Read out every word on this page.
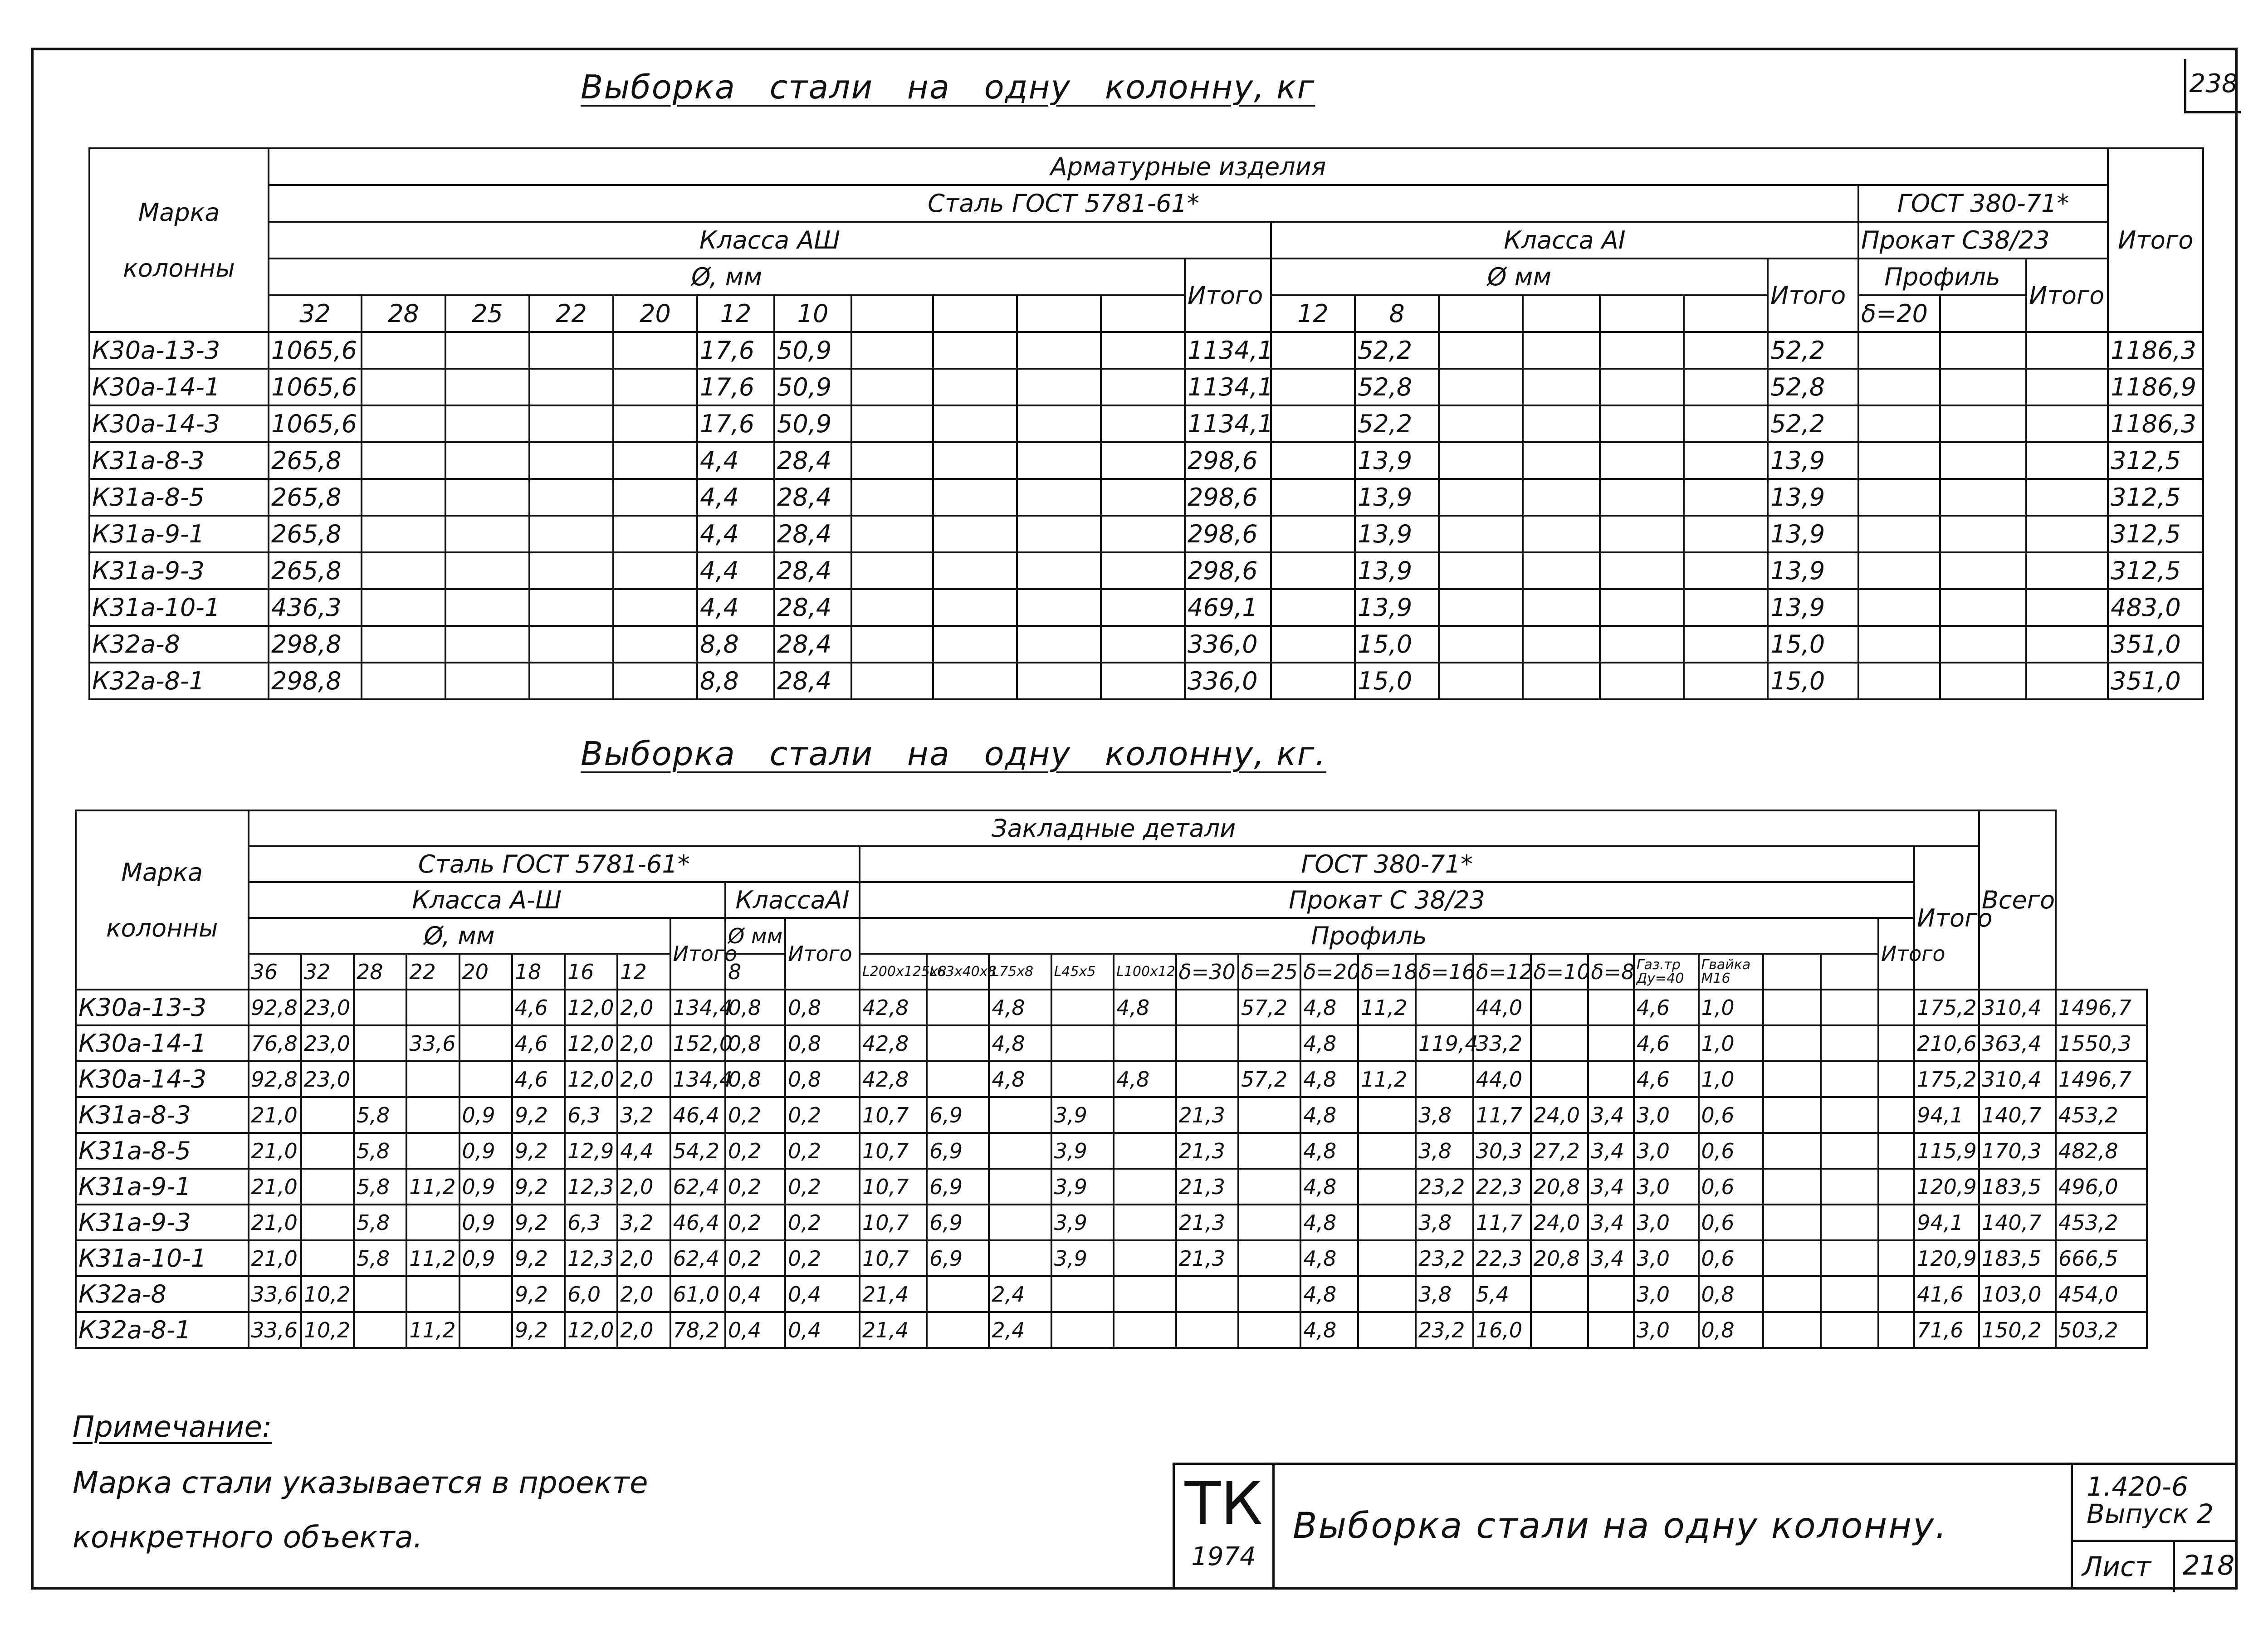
238
Выборка   стали   на   одну   колонну, кг
Марка
колонны	Арматурные изделия																						Итого
	Сталь ГОСТ 5781-61*																			ГОСТ 380-71*			
	Класса АШ												Класса АI							Прокат С38/23			
	Ø, мм											Итого	Ø мм						Итого	Профиль		Итого	
	32	28	25	22	20	12	10						12	8						δ=20			
К30а-13-3	1065,6					17,6	50,9					1134,1		52,2					52,2				1186,3
К30а-14-1	1065,6					17,6	50,9					1134,1		52,8					52,8				1186,9
К30а-14-3	1065,6					17,6	50,9					1134,1		52,2					52,2				1186,3
К31а-8-3	265,8					4,4	28,4					298,6		13,9					13,9				312,5
К31а-8-5	265,8					4,4	28,4					298,6		13,9					13,9				312,5
К31а-9-1	265,8					4,4	28,4					298,6		13,9					13,9				312,5
К31а-9-3	265,8					4,4	28,4					298,6		13,9					13,9				312,5
К31а-10-1	436,3					4,4	28,4					469,1		13,9					13,9				483,0
К32а-8	298,8					8,8	28,4					336,0		15,0					15,0				351,0
К32а-8-1	298,8					8,8	28,4					336,0		15,0					15,0				351,0
Выборка   стали   на   одну   колонну, кг.
Марка
колонны	Закладные детали																														Всего	
	Сталь ГОСТ 5781-61*											ГОСТ 380-71*																		Итого		
	Класса А-Ш									КлассаАI		Прокат С 38/23																				
	Ø, мм								Итого	Ø мм	Итого	Профиль																	Итого			
	36	32	28	22	20	18	16	12		8		L200x125x8	L63x40x8	L75x8	L45x5	L100x12	δ=30	δ=25	δ=20	δ=18	δ=16	δ=12	δ=10	δ=8	Газ.тр Ду=40	Гвайка М16						
К30а-13-3	92,8	23,0				4,6	12,0	2,0	134,4	0,8	0,8	42,8		4,8		4,8		57,2	4,8	11,2		44,0			4,6	1,0				175,2	310,4	1496,7
К30а-14-1	76,8	23,0		33,6		4,6	12,0	2,0	152,0	0,8	0,8	42,8		4,8					4,8		119,4	33,2			4,6	1,0				210,6	363,4	1550,3
К30а-14-3	92,8	23,0				4,6	12,0	2,0	134,4	0,8	0,8	42,8		4,8		4,8		57,2	4,8	11,2		44,0			4,6	1,0				175,2	310,4	1496,7
К31а-8-3	21,0		5,8		0,9	9,2	6,3	3,2	46,4	0,2	0,2	10,7	6,9		3,9		21,3		4,8		3,8	11,7	24,0	3,4	3,0	0,6				94,1	140,7	453,2
К31а-8-5	21,0		5,8		0,9	9,2	12,9	4,4	54,2	0,2	0,2	10,7	6,9		3,9		21,3		4,8		3,8	30,3	27,2	3,4	3,0	0,6				115,9	170,3	482,8
К31а-9-1	21,0		5,8	11,2	0,9	9,2	12,3	2,0	62,4	0,2	0,2	10,7	6,9		3,9		21,3		4,8		23,2	22,3	20,8	3,4	3,0	0,6				120,9	183,5	496,0
К31а-9-3	21,0		5,8		0,9	9,2	6,3	3,2	46,4	0,2	0,2	10,7	6,9		3,9		21,3		4,8		3,8	11,7	24,0	3,4	3,0	0,6				94,1	140,7	453,2
К31а-10-1	21,0		5,8	11,2	0,9	9,2	12,3	2,0	62,4	0,2	0,2	10,7	6,9		3,9		21,3		4,8		23,2	22,3	20,8	3,4	3,0	0,6				120,9	183,5	666,5
К32а-8	33,6	10,2				9,2	6,0	2,0	61,0	0,4	0,4	21,4		2,4					4,8		3,8	5,4			3,0	0,8				41,6	103,0	454,0
К32а-8-1	33,6	10,2		11,2		9,2	12,0	2,0	78,2	0,4	0,4	21,4		2,4					4,8		23,2	16,0			3,0	0,8				71,6	150,2	503,2
Примечание:
Марка стали указывается в проекте конкретного объекта.	ТК
1974
Выборка стали на одну колонну.
1.420-6
Выпуск 2
Лист	218
